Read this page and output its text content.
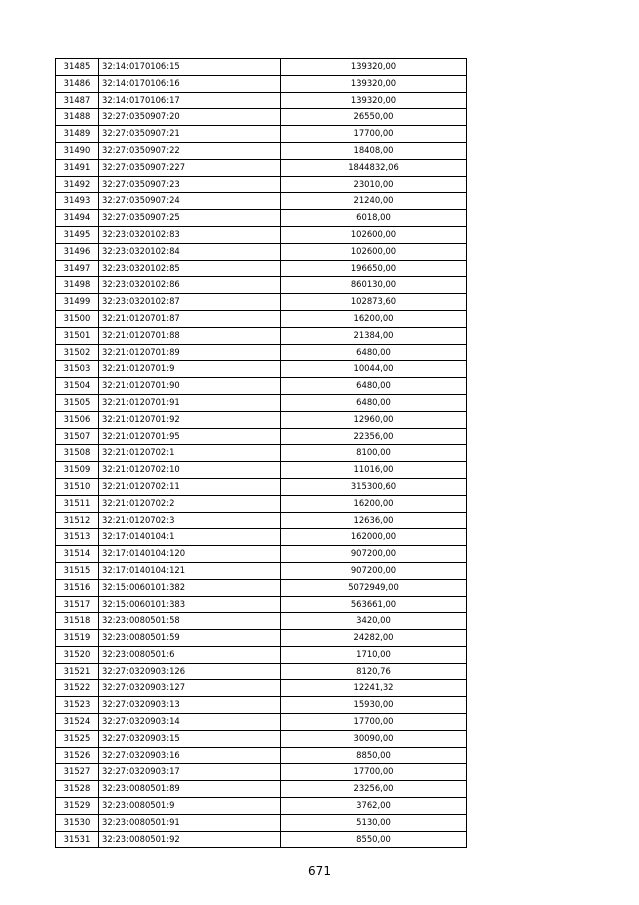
31485	32:14:0170106:15	139320,00
31486	32:14:0170106:16	139320,00
31487	32:14:0170106:17	139320,00
31488	32:27:0350907:20	26550,00
31489	32:27:0350907:21	17700,00
31490	32:27:0350907:22	18408,00
31491	32:27:0350907:227	1844832,06
31492	32:27:0350907:23	23010,00
31493	32:27:0350907:24	21240,00
31494	32:27:0350907:25	6018,00
31495	32:23:0320102:83	102600,00
31496	32:23:0320102:84	102600,00
31497	32:23:0320102:85	196650,00
31498	32:23:0320102:86	860130,00
31499	32:23:0320102:87	102873,60
31500	32:21:0120701:87	16200,00
31501	32:21:0120701:88	21384,00
31502	32:21:0120701:89	6480,00
31503	32:21:0120701:9	10044,00
31504	32:21:0120701:90	6480,00
31505	32:21:0120701:91	6480,00
31506	32:21:0120701:92	12960,00
31507	32:21:0120701:95	22356,00
31508	32:21:0120702:1	8100,00
31509	32:21:0120702:10	11016,00
31510	32:21:0120702:11	315300,60
31511	32:21:0120702:2	16200,00
31512	32:21:0120702:3	12636,00
31513	32:17:0140104:1	162000,00
31514	32:17:0140104:120	907200,00
31515	32:17:0140104:121	907200,00
31516	32:15:0060101:382	5072949,00
31517	32:15:0060101:383	563661,00
31518	32:23:0080501:58	3420,00
31519	32:23:0080501:59	24282,00
31520	32:23:0080501:6	1710,00
31521	32:27:0320903:126	8120,76
31522	32:27:0320903:127	12241,32
31523	32:27:0320903:13	15930,00
31524	32:27:0320903:14	17700,00
31525	32:27:0320903:15	30090,00
31526	32:27:0320903:16	8850,00
31527	32:27:0320903:17	17700,00
31528	32:23:0080501:89	23256,00
31529	32:23:0080501:9	3762,00
31530	32:23:0080501:91	5130,00
31531	32:23:0080501:92	8550,00
671
